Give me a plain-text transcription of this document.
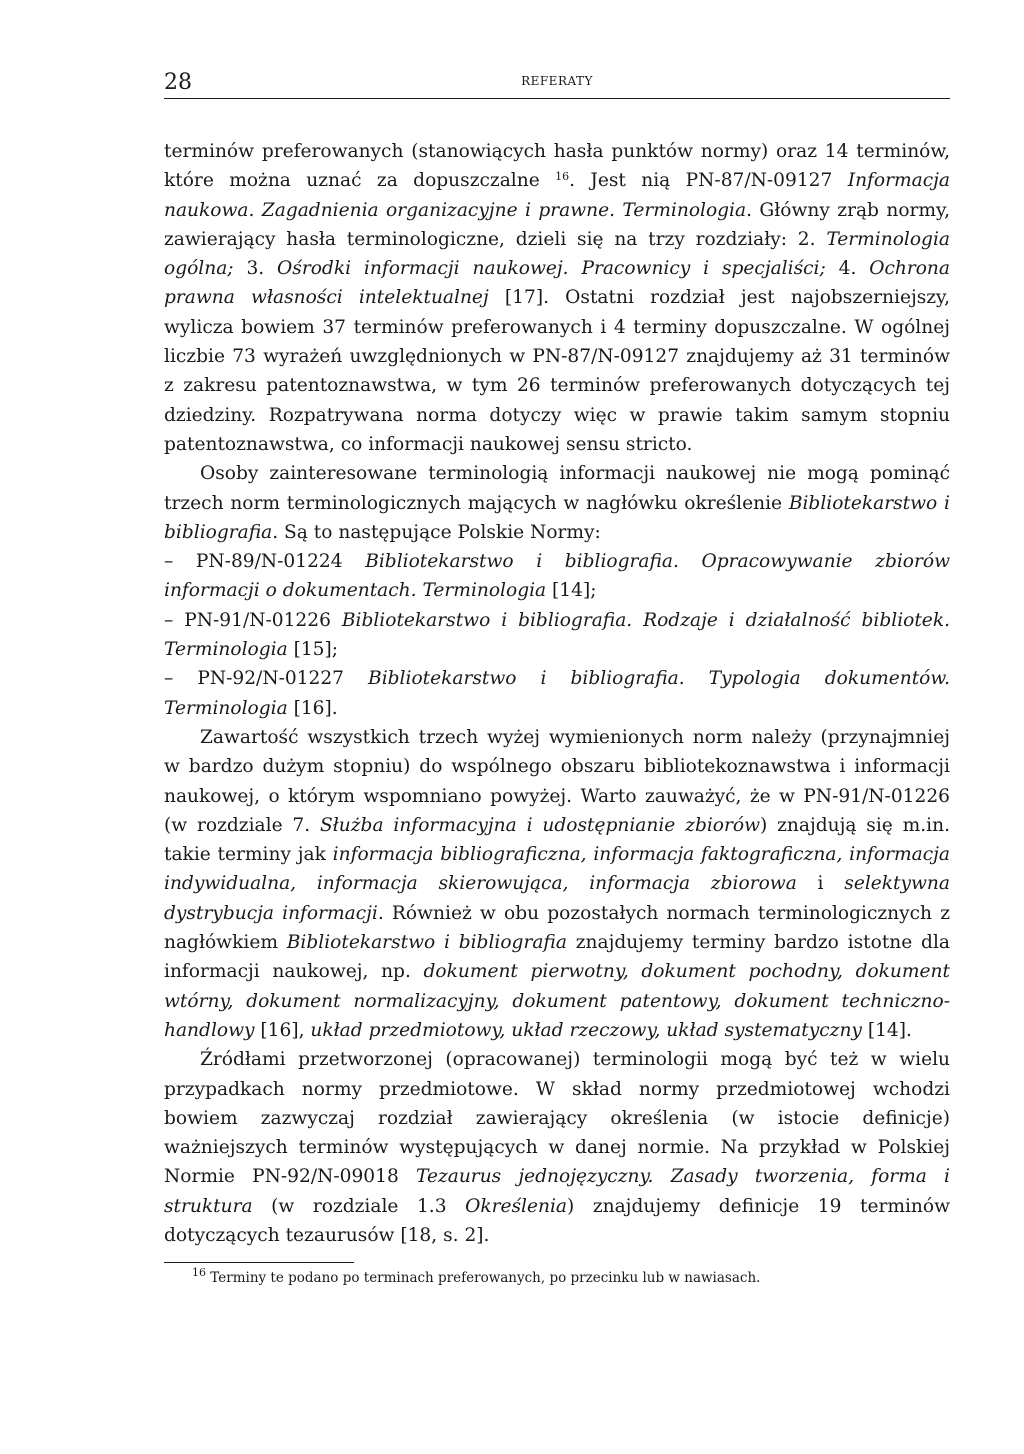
28	REFERATY

terminów preferowanych (stanowiących hasła punktów normy) oraz 14 terminów, które można uznać za dopuszczalne $^{16}$. Jest nią PN-87/N-09127 Informacja naukowa. Zagadnienia organizacyjne i prawne. Terminologia. Główny zrąb normy, zawierający hasła terminologiczne, dzieli się na trzy rozdziały: 2. Terminologia ogólna; 3. Ośrodki informacji naukowej. Pracownicy i specjaliści; 4. Ochrona prawna własności intelektualnej [17]. Ostatni rozdział jest najobszerniejszy, wylicza bowiem 37 terminów preferowanych i 4 terminy dopuszczalne. W ogólnej liczbie 73 wyrażeń uwzględnionych w PN-87/N-09127 znajdujemy aż 31 terminów z zakresu patentoznawstwa, w tym 26 terminów preferowanych dotyczących tej dziedziny. Rozpatrywana norma dotyczy więc w prawie takim samym stopniu patentoznawstwa, co informacji naukowej sensu stricto.

Osoby zainteresowane terminologią informacji naukowej nie mogą pominąć trzech norm terminologicznych mających w nagłówku określenie Bibliotekarstwo i bibliografia. Są to następujące Polskie Normy:

– PN-89/N-01224 Bibliotekarstwo i bibliografia. Opracowywanie zbiorów informacji o dokumentach. Terminologia [14];

– PN-91/N-01226 Bibliotekarstwo i bibliografia. Rodzaje i działalność bibliotek. Terminologia [15];

– PN-92/N-01227 Bibliotekarstwo i bibliografia. Typologia dokumentów. Terminologia [16].

Zawartość wszystkich trzech wyżej wymienionych norm należy (przynajmniej w bardzo dużym stopniu) do wspólnego obszaru bibliotekoznawstwa i informacji naukowej, o którym wspomniano powyżej. Warto zauważyć, że w PN-91/N-01226 (w rozdziale 7. Służba informacyjna i udostępnianie zbiorów) znajdują się m.in. takie terminy jak informacja bibliograficzna, informacja faktograficzna, informacja indywidualna, informacja skierowująca, informacja zbiorowa i selektywna dystrybucja informacji. Również w obu pozostałych normach terminologicznych z nagłówkiem Bibliotekarstwo i bibliografia znajdujemy terminy bardzo istotne dla informacji naukowej, np. dokument pierwotny, dokument pochodny, dokument wtórny, dokument normalizacyjny, dokument patentowy, dokument techniczno-handlowy [16], układ przedmiotowy, układ rzeczowy, układ systematyczny [14].

Źródłami przetworzonej (opracowanej) terminologii mogą być też w wielu przypadkach normy przedmiotowe. W skład normy przedmiotowej wchodzi bowiem zazwyczaj rozdział zawierający określenia (w istocie definicje) ważniejszych terminów występujących w danej normie. Na przykład w Polskiej Normie PN-92/N-09018 Tezaurus jednojęzyczny. Zasady tworzenia, forma i struktura (w rozdziale 1.3 Określenia) znajdujemy definicje 19 terminów dotyczących tezaurusów [18, s. 2].

$^{16}$ Terminy te podano po terminach preferowanych, po przecinku lub w nawiasach.
